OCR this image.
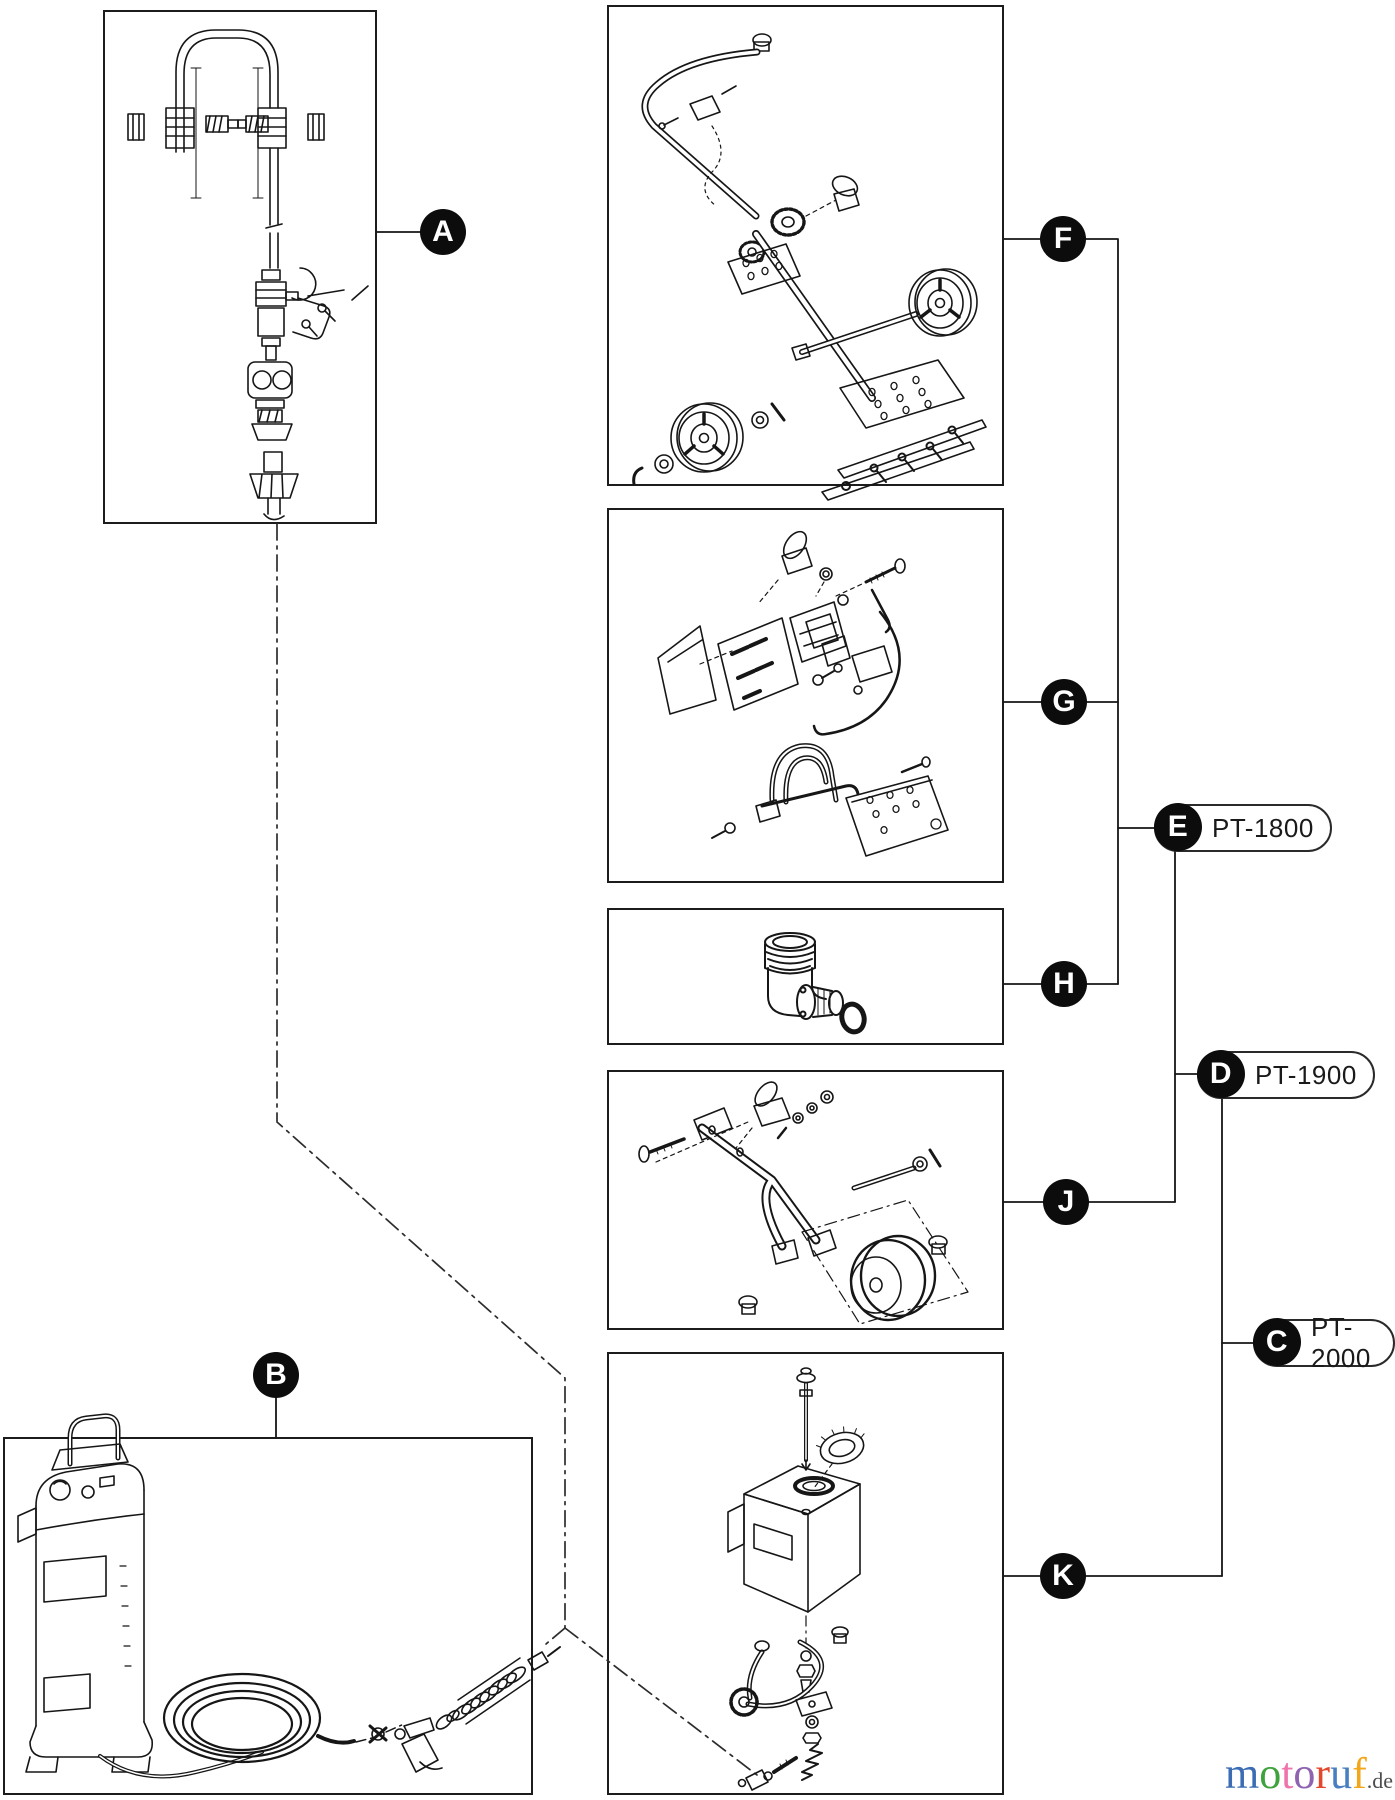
A
B
F
G
H
J
K
E PT-1800
D PT-1900
C PT-2000
motoruf.de
